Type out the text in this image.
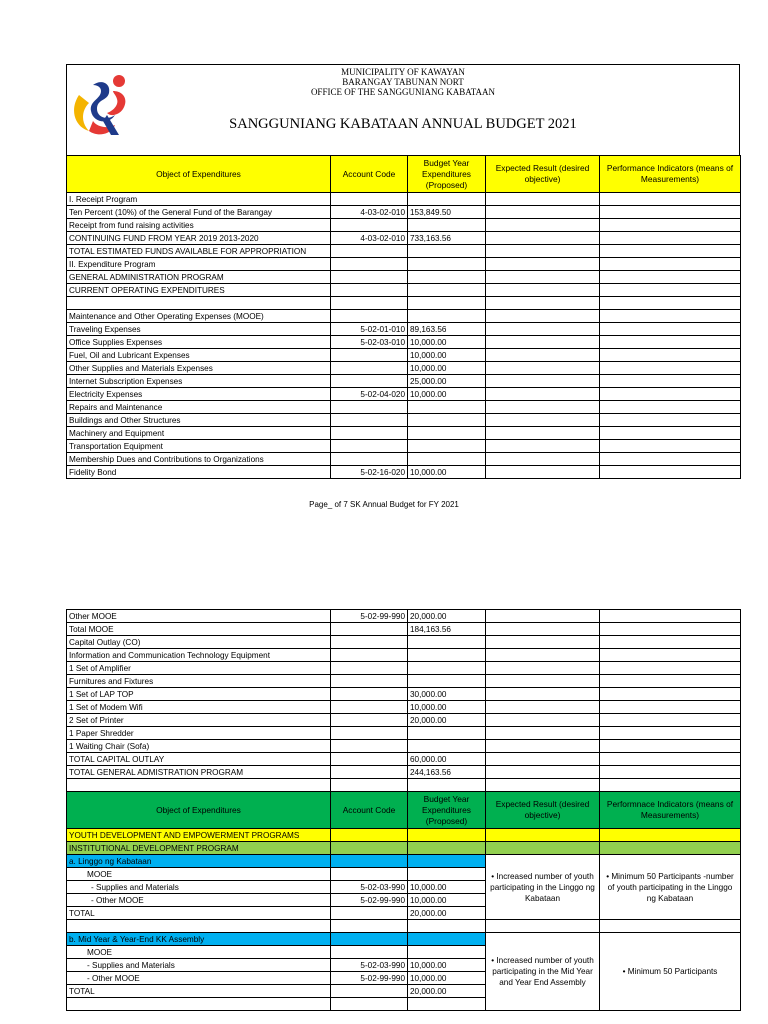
MUNICIPALITY OF KAWAYAN
BARANGAY TABUNAN NORT
OFFICE OF THE SANGGUNIANG KABATAAN
SANGGUNIANG KABATAAN ANNUAL BUDGET 2021
Object of Expenditures	Account Code	Budget Year Expenditures (Proposed)	Expected Result (desired objective)	Performance Indicators (means of Measurements)
I. Receipt Program				
Ten Percent (10%) of the General Fund of the Barangay	4-03-02-010	153,849.50		
Receipt from fund raising activities				
CONTINUING FUND FROM YEAR 2019 2013-2020	4-03-02-010	733,163.56		
TOTAL ESTIMATED FUNDS AVAILABLE FOR APPROPRIATION				
II. Expenditure Program				
GENERAL ADMINISTRATION PROGRAM				
CURRENT OPERATING EXPENDITURES				

Maintenance and Other Operating Expenses (MOOE)				
Traveling Expenses	5-02-01-010	89,163.56		
Office Supplies Expenses	5-02-03-010	10,000.00		
Fuel, Oil and Lubricant Expenses		10,000.00		
Other Supplies and Materials Expenses		10,000.00		
Internet Subscription Expenses		25,000.00		
Electricity Expenses	5-02-04-020	10,000.00		
Repairs and Maintenance				
Buildings and Other Structures				
Machinery and Equipment				
Transportation Equipment				
Membership Dues and Contributions to Organizations				
Fidelity Bond	5-02-16-020	10,000.00		
Page_ of 7 SK Annual Budget for FY 2021
Other MOOE	5-02-99-990	20,000.00		
Total MOOE		184,163.56		
Capital Outlay (CO)				
Information and Communication Technology Equipment				
1 Set of Amplifier				
Furnitures and Fixtures				
1 Set of LAP TOP		30,000.00		
1 Set of Modem Wifi		10,000.00		
2 Set of Printer		20,000.00		
1 Paper Shredder				
1 Waiting Chair (Sofa)				
TOTAL CAPITAL OUTLAY		60,000.00		
TOTAL GENERAL ADMISTRATION PROGRAM		244,163.56		

Object of Expenditures	Account Code	Budget Year Expenditures (Proposed)	Expected Result (desired objective)	Performnace Indicators (means of Measurements)
YOUTH DEVELOPMENT AND EMPOWERMENT PROGRAMS				
INSTITUTIONAL DEVELOPMENT PROGRAM				
a. Linggo ng Kabataan			• Increased number of youth participating in the Linggo ng Kabataan	• Minimum 50 Participants -number of youth participating in the Linggo ng Kabataan
MOOE				
- Supplies and Materials	5-02-03-990	10,000.00		
- Other MOOE	5-02-99-990	10,000.00		
TOTAL		20,000.00		

b. Mid Year & Year-End KK Assembly			• Increased number of youth participating in the Mid Year and Year End Assembly	• Minimum 50 Participants
MOOE				
- Supplies and Materials	5-02-03-990	10,000.00		
- Other MOOE	5-02-99-990	10,000.00		
TOTAL		20,000.00		
